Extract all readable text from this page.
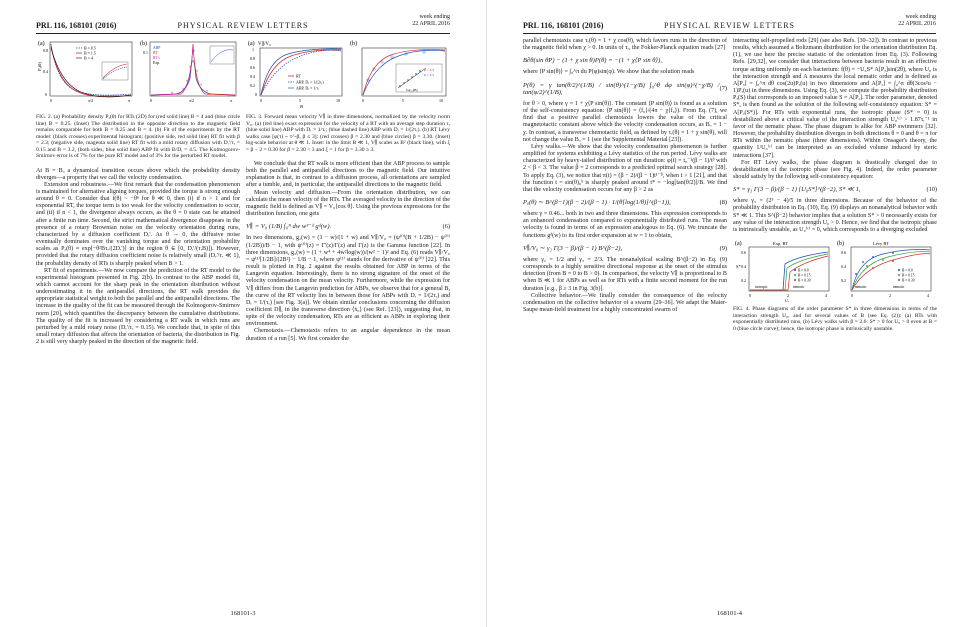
PRL 116, 168101 (2016)	PHYSICAL REVIEW LETTERS
week ending
22 APRIL 2016
(a)
Pₐ(θ)
0.8
0.4
0
0	π/2	π
B = 0.5
B = 1.5
B = 4
(b)
0.1
×
×
×
×
×
×
×
×
ABP
RT
RT-c
Exp.
0	π/2	π
FIG. 2. (a) Probability density Pₐ(θ) for RTs (2D) for (red solid line) B = 4 and (blue circle line) B = 0.25. (Inset) The distribution in the opposite direction to the magnetic field remains comparable for both B = 0.25 and B = 4. (b) Fit of the experiments by the RT model: (black crosses) experimental histogram; (positive side, red solid line) RT fit with β = 2.3; (negative side, magenta solid line) RT fit with a mild rotary diffusion with Dᵣ'/τᵣ = 0.15 and B = 3.2, (both sides, blue solid line) ABP fit with B/Dᵣ = 4.5. The Kolmogorov-Smirnov error is of 7% for the pure RT model and of 3% for the perturbed RT model.

At B = Bₒ a dynamical transition occurs above which the probability density diverges—a property that we call the velocity condensation.

Extension and robustness.—We first remark that the condensation phenomenon is maintained for alternative aligning torques, provided the torque is strong enough around θ = 0. Consider that f(θ) ~ −θⁿ for θ ≪ 0, then (i) if n > 1 and for exponential RT, the torque term is too weak for the velocity condensation to occur, and (ii) if n < 1, the divergence always occurs, as the θ = 0 state can be attained after a finite run time. Second, the strict mathematical divergence disappears in the presence of a rotary Brownian noise on the velocity orientation during runs, characterized by a diffusion coefficient Dᵣ'. As θ → 0, the diffusive noise eventually dominates over the vanishing torque and the orientation probability scales as Pₐ(θ) ≈ exp[−θ²Bτᵣ/(2Dᵣ')] in the region θ ∈ [0, Dᵣ'/(τᵣB)]). However, provided that the rotary diffusion coefficient noise is relatively small (Dᵣ'/τᵣ ≪ 1), the probability density of RTs is sharply peaked when B > 1.

RT fit of experiments.—We now compare the prediction of the RT model to the experimental histogram presented in Fig. 2(b). In contrast to the ABP model fit, which cannot account for the sharp peak in the orientation distribution without underestimating it in the antiparallel directions, the RT walk provides the appropriate statistical weight to both the parallel and the antiparallel directions. The increase in the quality of the fit can be measured through the Kolmogorov-Smirnov norm [20], which quantifies the discrepancy between the cumulative distributions. The quality of the fit is increased by considering a RT walk in which runs are perturbed by a mild rotary noise (Dᵣ'/τᵣ = 0.15). We conclude that, in spite of this small rotary diffusion that affects the orientation of bacteria, the distribution in Fig. 2 is still very sharply peaked in the direction of the magnetic field.

(a) V∥/V₀
1
0.8
0.6
0.4
0.2
0
RT
ABP, Dᵣ = 1/(2τᵣ)
ABP, Dᵣ = 1/τᵣ
0	5	10
B
(b)
β = 3.3
β = 3.3
log₁₀(B)
0	5	10
FIG. 3. Forward mean velocity V∥ in three dimensions, normalized by the velocity norm V₀. (a) (red line) exact expression for the velocity of a RT with an average step duration τᵣ (blue solid line) ABP with Dᵣ = 1/τᵣ; (blue dashed line) ABP with Dᵣ = 1/(2τᵣ). (b) RT Lévy walks case [φ(τ) ~ τ^-β, β ≤ 3]: (red crosses) β = 2.30 and (blue circles) β = 3.30. (Inset) log-scale behavior at θ ≪ 1. Inset: in the limit B ≪ 1, V∥ scales as B² (black line), with ξ = β − 2 = 0.30 for β = 2.30 < 3 and ξ = 1 for β = 3.30 ≥ 3.

We conclude that the RT walk is more efficient than the ABP process to sample both the parallel and antiparallel directions to the magnetic field. Our intuitive explanation is that, in contrast to a diffusion process, all orientations are sampled after a tumble, and, in particular, the antiparallel directions to the magnetic field.

Mean velocity and diffusion.—From the orientation distribution, we can calculate the mean velocity of the RTs. The averaged velocity in the direction of the magnetic field is defined as V∥ = V₀⟨cos θ⟩. Using the previous expressions for the distribution function, one gets

V∥ = V₀ (1/B) ∫₀ᴮ dw w³⁻ᵈ gᵈ(w).	(6)

In two dimensions, g₂(w) = (1 − w)/(1 + w) and V∥/V₀ = (ψ⁽⁰⁾(B + 1/2B) − ψ⁽⁰⁾(1/2B))/B − 1, with ψ⁽⁰⁾(z) = Γ'(z)/Γ(z) and Γ(z) is the Gamma function [22]. In three dimensions, g₃(w) = (1 + w⁴ + 4w²log(w))/(w² − 1)² and Eq. (6) reads V∥/V₀ = ψ⁽¹⁾[1/2B]/(2B²) − 1/B − 1, where ψ⁽¹⁾ stands for the derivative of ψ⁽⁰⁾ [22]. This result is plotted in Fig. 2 against the results obtained for ABP in terms of the Langevin equation. Interestingly, there is no strong signature of the onset of the velocity condensation on the mean velocity. Furthermore, while the expression for V∥ differs from the Langevin prediction for ABPs, we observe that for a general B, the curve of the RT velocity lies in between those for ABPs with Dᵣ = 1/(2τᵣ) and Dᵣ = 1/(τᵣ) [see Fig. 3(a)]. We obtain similar conclusions concerning the diffusion coefficient D∥, in the transverse direction ⟨ẋ₀⟩ (see Ref. [23]), suggesting that, in spite of the velocity condensation, RTs are as efficient as ABPs in exploring their environment.

Chemotaxis.—Chemotaxis refers to an angular dependence in the mean duration of a run [5]. We first consider the

168101-3
PRL 116, 168101 (2016)	PHYSICAL REVIEW LETTERS
week ending
22 APRIL 2016

parallel chemotaxis case τᵣ(θ) = 1 + χ cos(θ), which favors runs in the direction of the magnetic field when χ > 0. In units of τᵣ, the Fokker-Planck equation reads [27]

B∂θ(sin θP) − (1 + χ sin θ)P(θ) = −(1 + χ⟨P sin θ⟩),

where ⟨P sin(θ)⟩ = ∫₀^π du P(φ)sin(φ). We show that the solution reads

P(θ) = γ tan(θ/2)^(1/B) / sin(θ)^(1−χ/B) ∫₀^θ dφ sin(φ)^(−χ/B) / tan(φ/2)^(1/B),
(7)

for θ > 0, where γ = 1 + χ⟨P sin(θ)⟩. The constant ⟨P sin(θ)⟩ is found as a solution of the self-consistency equation: ⟨P sin(θ)⟩ = ⟨f₀⟩/(4π − χ⟨f₀⟩). From Eq. (7), we find that a positive parallel chemotaxis lowers the value of the critical magnetotactic constant above which the velocity condensation occurs, as Bₒ = 1 − χ. In contrast, a transverse chemotactic field, as defined by τᵣ(θ) = 1 + χ sin(θ), will not change the value Bₒ = 1 (see the Supplemental Material [23]).

Lévy walks.—We show that the velocity condensation phenomenon is further amplified for systems exhibiting a Lévy statistics of the run period. Lévy walks are characterized by heavy-tailed distribution of run duration: φ(t) = t₀⁻¹(β − 1)/tᵝ with 2 < β < 3. The value β = 2 corresponds to a predicted optimal search strategy [28]. To apply Eq. (3), we notice that π(t) = (β − 2)/(β − 1)t¹⁻ᵝ, when t > 1 [21], and that the function t = sin(θ)₀ᵇ is sharply peaked around t* = −log[tan(θ/2)]/B. We find that the velocity condensation occurs for any β > 2 as

Pₐ(θ) ∼ B^(β−1)(β − 2)/(β − 1) · 1/(θ[log(1/θ)]^(β−1)),	(8)

where γ = 0.46... both in two and three dimensions. This expression corresponds to an enhanced condensation compared to exponentially distributed runs. The mean velocity is found in terms of an expression analogous to Eq. (6). We truncate the functions gᵈ(w) to its first order expansion at w = 1 to obtain,

V∥/V₀ ∼ γ₂ Γ(3 − β)/(β − 1) B^(β−2),	(9)

where γ₂ = 1/2 and γ₃ = 2/3. The nonanalytical scaling B^(β−2) in Eq. (9) corresponds to a highly sensitive directional response at the onset of the stimulus detection (from B = 0 to B > 0). In comparison, the velocity V∥ is proportional to B when B ≪ 1 for ABPs as well as for RTs with a finite second moment for the run duration [e.g., β ≥ 3 in Fig. 3(b)].

Collective behavior.—We finally consider the consequence of the velocity condensation on the collective behavior of a swarm [29–36]. We adapt the Maier-Saupe mean-field treatment for a highly concentrated swarm of

interacting self-propelled rods [29] (see also Refs. [30–32]). In contrast to previous results, which assumed a Boltzmann distribution for the orientation distribution Eq. (1), we use here the precise statistic of the orientation from Eq. (3). Following Refs. [29,32], we consider that interactions between bacteria result in an effective torque acting uniformly on each bacterium: f(θ) = −U₀S* A[Pₐ]sin(2θ), where U₀ is the interaction strength and A measures the local nematic order and is defined as A[Pₐ] = ∫₀^π dθ cos(2u)Pₐ(u) in two dimensions and A[Pₐ] = ∫₀^π dθ(3cos²u − 1)Pₐ(u) in three dimensions. Using Eq. (3), we compute the probability distribution Pₐ(S) that corresponds to an imposed value S = A[Pₐ]. The order parameter, denoted S*, is then found as the solution of the following self-consistency equation: S* = A[Pₐ(S*)]. For RTs with exponential runs, the isotropic phase (S* = 0) is destabilized above a critical value of the interaction strength U₀⁽ᶜ⁾ > 1.87τᵣ⁻¹ in favor of the nematic phase. The phase diagram is alike for ABP swimmers [32]. However, the probability distribution diverges in both directions θ = 0 and θ = π for RTs within the nematic phase (three dimensions). Within Onsager's theory, the quantity 1/U₀⁽ᶜ⁾ can be interpreted as an excluded volume induced by steric interactions [37].

For RT Lévy walks, the phase diagram is drastically changed due to destabilization of the isotropic phase (see Fig. 4). Indeed, the order parameter should satisfy by the following self-consistency equation:

S* = γ₃ Γ(3 − β)/(β − 1) [U₀S*]^(β−2), S* ≪ 1,	(10)

where γ₃ = (2³ − 4)/5 in three dimensions. Because of the behavior of the probability distribution in Eq. (10), Eq. (9) displays an nonanalytical behavior with S* ≪ 1. This S^(β−2) behavior implies that a solution S* > 0 necessarily exists for any value of the interaction strength U₀ > 0. Hence, we find that the isotropic phase is intrinsically unstable, as U₀⁽ᶜ⁾ = 0, which corresponds to a diverging excluded

(a)	Exp. RT
S*
0.6
0.4
0.2
isotropic	nematic
0	2	4
U₀
B = 0.0
B = 0.15
B = 0.30
(b)	Lévy RT
0.6
0.4
0.2
nematic	nematic
B = 0.0
B = 0.15
B = 0.30
0	2	4
FIG. 4. Phase diagrams of the order parameter S* in three dimensions in terms of the interaction strength U₀, and for several values of B (see Eq. (2)): (a) RTs with exponentially distributed runs, (b) Lévy walks with β = 2.6: S* > 0 for U₀ > 0 even at B = 0 (blue circle curve); hence, the isotropic phase is intrinsically unstable.
168101-4
